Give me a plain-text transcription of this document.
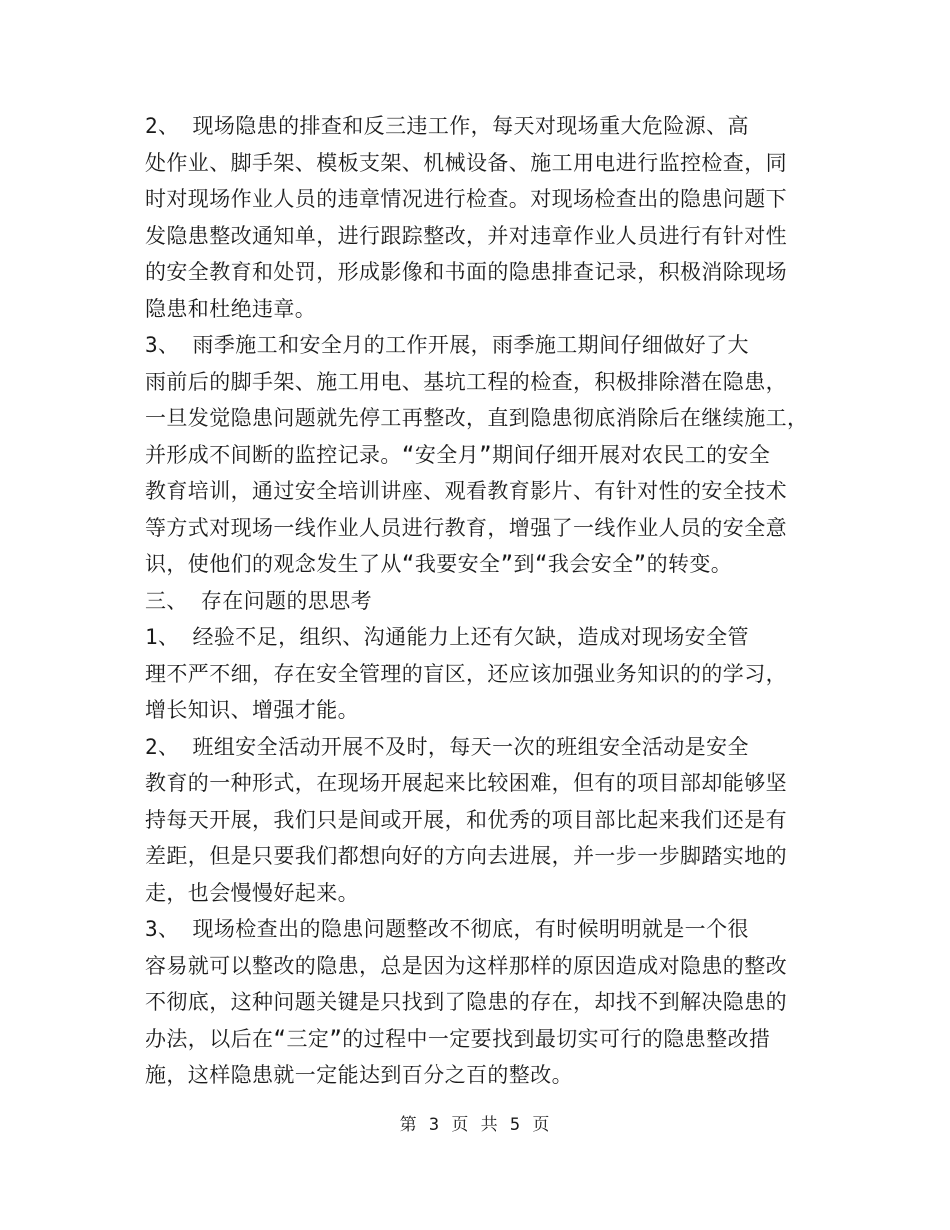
2、 现场隐患的排查和反三违工作，每天对现场重大危险源、高
处作业、脚手架、模板支架、机械设备、施工用电进行监控检查，同
时对现场作业人员的违章情况进行检查。对现场检查出的隐患问题下
发隐患整改通知单，进行跟踪整改，并对违章作业人员进行有针对性
的安全教育和处罚，形成影像和书面的隐患排查记录，积极消除现场
隐患和杜绝违章。
3、 雨季施工和安全月的工作开展，雨季施工期间仔细做好了大
雨前后的脚手架、施工用电、基坑工程的检查，积极排除潜在隐患，
一旦发觉隐患问题就先停工再整改，直到隐患彻底消除后在继续施工，
并形成不间断的监控记录。“安全月”期间仔细开展对农民工的安全
教育培训，通过安全培训讲座、观看教育影片、有针对性的安全技术
等方式对现场一线作业人员进行教育，增强了一线作业人员的安全意
识，使他们的观念发生了从“我要安全”到“我会安全”的转变。
三、 存在问题的思思考
1、 经验不足，组织、沟通能力上还有欠缺，造成对现场安全管
理不严不细，存在安全管理的盲区，还应该加强业务知识的的学习，
增长知识、增强才能。
2、 班组安全活动开展不及时，每天一次的班组安全活动是安全
教育的一种形式，在现场开展起来比较困难，但有的项目部却能够坚
持每天开展，我们只是间或开展，和优秀的项目部比起来我们还是有
差距，但是只要我们都想向好的方向去进展，并一步一步脚踏实地的
走，也会慢慢好起来。
3、 现场检查出的隐患问题整改不彻底，有时候明明就是一个很
容易就可以整改的隐患，总是因为这样那样的原因造成对隐患的整改
不彻底，这种问题关键是只找到了隐患的存在，却找不到解决隐患的
办法，以后在“三定”的过程中一定要找到最切实可行的隐患整改措
施，这样隐患就一定能达到百分之百的整改。
第 3 页 共 5 页
